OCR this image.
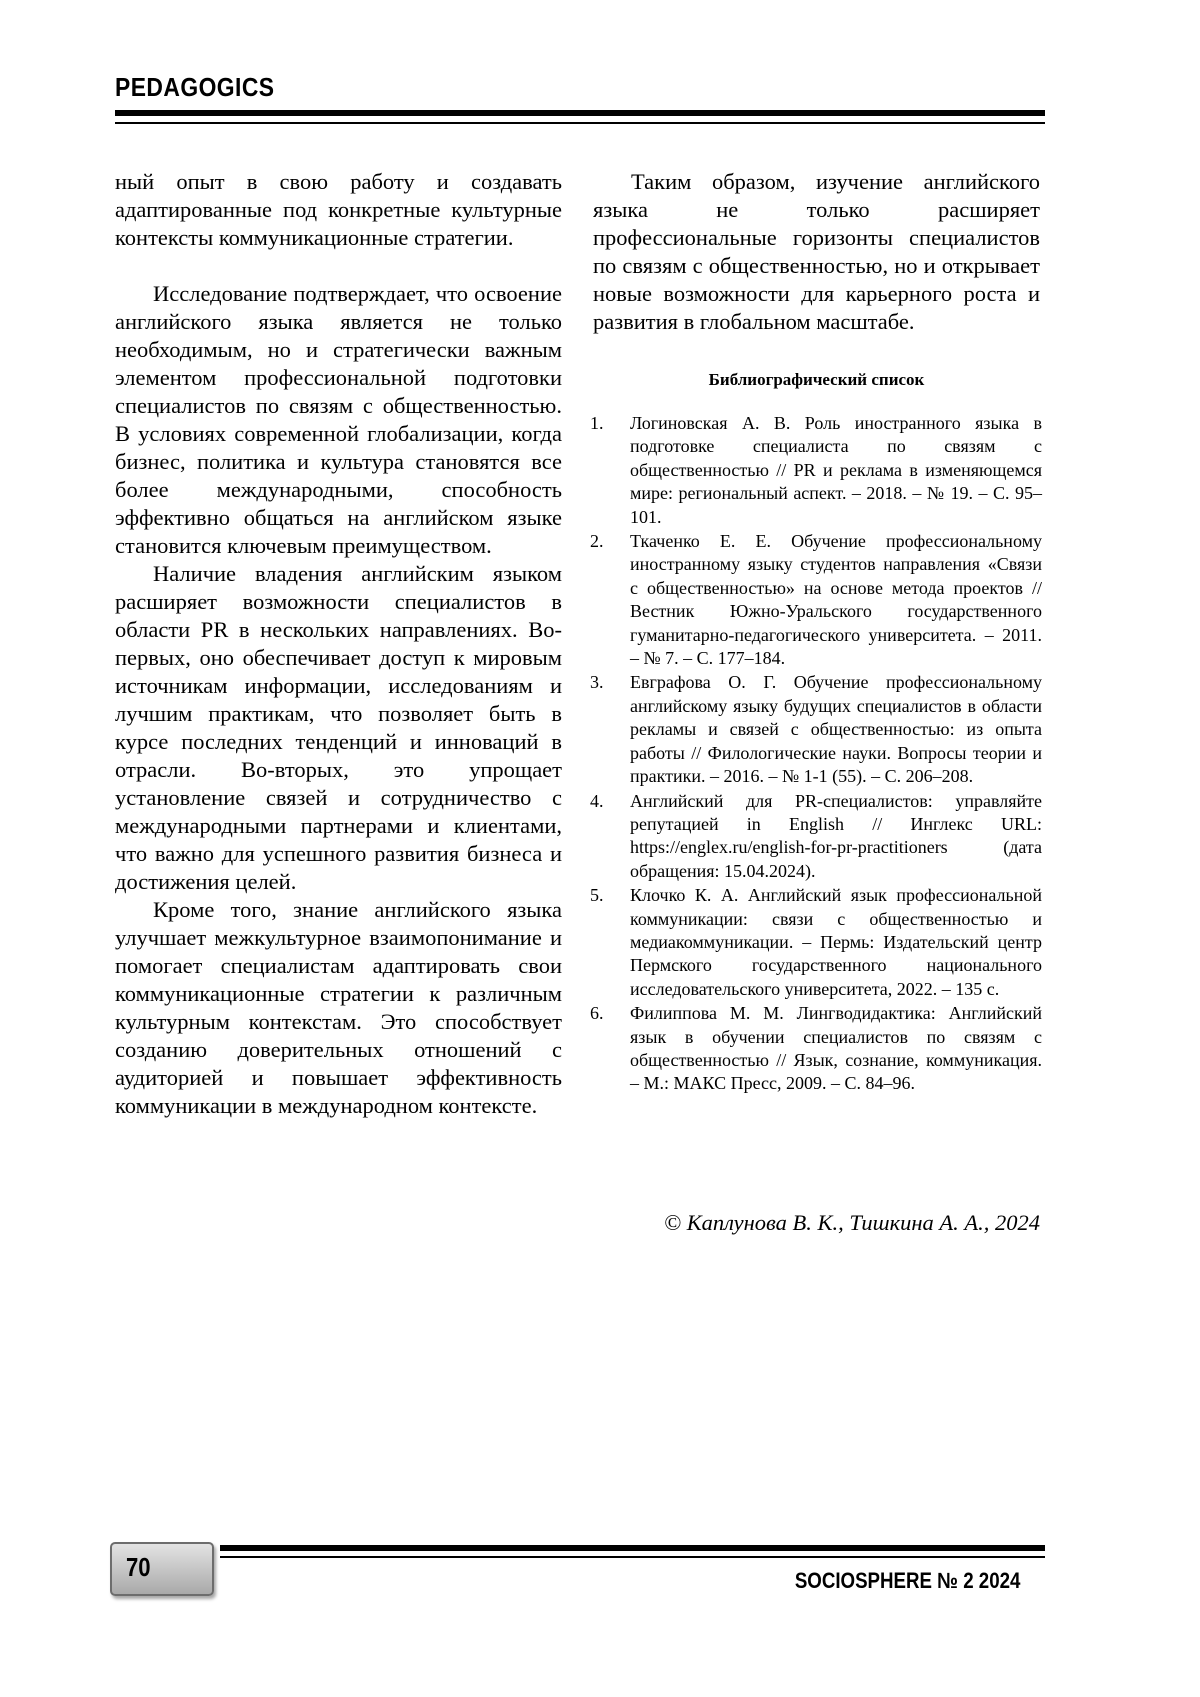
PEDAGOGICS

ный опыт в свою работу и создавать адаптированные под конкретные культурные контексты коммуникационные стратегии.

Исследование подтверждает, что освоение английского языка является не только необходимым, но и стратегически важным элементом профессиональной подготовки специалистов по связям с общественностью. В условиях современной глобализации, когда бизнес, политика и культура становятся все более международными, способность эффективно общаться на английском языке становится ключевым преимуществом.

Наличие владения английским языком расширяет возможности специалистов в области PR в нескольких направлениях. Во-первых, оно обеспечивает доступ к мировым источникам информации, исследованиям и лучшим практикам, что позволяет быть в курсе последних тенденций и инноваций в отрасли. Во-вторых, это упрощает установление связей и сотрудничество с международными партнерами и клиентами, что важно для успешного развития бизнеса и достижения целей.

Кроме того, знание английского языка улучшает межкультурное взаимопонимание и помогает специалистам адаптировать свои коммуникационные стратегии к различным культурным контекстам. Это способствует созданию доверительных отношений с аудиторией и повышает эффективность коммуникации в международном контексте.

Таким образом, изучение английского языка не только расширяет профессиональные горизонты специалистов по связям с общественностью, но и открывает новые возможности для карьерного роста и развития в глобальном масштабе.

Библиографический список
1. Логиновская А. В. Роль иностранного языка в подготовке специалиста по связям с общественностью // PR и реклама в изменяющемся мире: региональный аспект. – 2018. – № 19. – С. 95–101.
2. Ткаченко Е. Е. Обучение профессиональному иностранному языку студентов направления «Связи с общественностью» на основе метода проектов // Вестник Южно-Уральского государственного гуманитарно-педагогического университета. – 2011. – № 7. – С. 177–184.
3. Евграфова О. Г. Обучение профессиональному английскому языку будущих специалистов в области рекламы и связей с общественностью: из опыта работы // Филологические науки. Вопросы теории и практики. – 2016. – № 1-1 (55). – С. 206–208.
4. Английский для PR-специалистов: управляйте репутацией in English // Инглекс URL: https://englex.ru/english-for-pr-practitioners (дата обращения: 15.04.2024).
5. Клочко К. А. Английский язык профессиональной коммуникации: связи с общественностью и медиакоммуникации. – Пермь: Издательский центр Пермского государственного национального исследовательского университета, 2022. – 135 с.
6. Филиппова М. М. Лингводидактика: Английский язык в обучении специалистов по связям с общественностью // Язык, сознание, коммуникация. – М.: МАКС Пресс, 2009. – С. 84–96.
© Каплунова В. К., Тишкина А. А., 2024
70	SOCIOSPHERE № 2 2024
